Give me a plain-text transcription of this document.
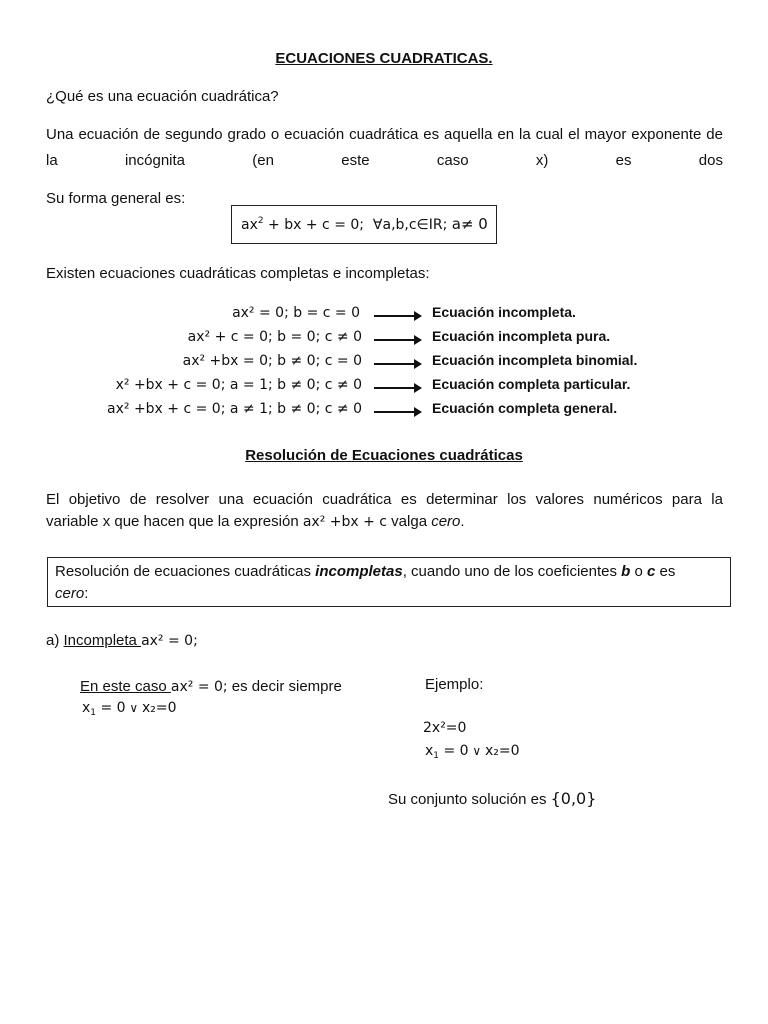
ECUACIONES CUADRATICAS.
¿Qué es una ecuación cuadrática?
Una ecuación de segundo grado o ecuación cuadrática es aquella en la cual el mayor exponente de la incógnita (en este caso x) es dos
Su forma general es:
$ax^2$ + bx + c = 0; ∀a,b,c∈IR; a≠ 0
Existen ecuaciones cuadráticas completas e incompletas:
ax² = 0; b = c = 0	Ecuación incompleta.
ax² + c = 0; b = 0; c ≠ 0	Ecuación incompleta pura.
ax² +bx = 0; b ≠ 0; c = 0	Ecuación incompleta binomial.
x² +bx + c = 0; a = 1; b ≠ 0; c ≠ 0	Ecuación completa particular.
ax² +bx + c = 0; a ≠ 1; b ≠ 0; c ≠ 0	Ecuación completa general.
Resolución de Ecuaciones cuadráticas
El objetivo de resolver una ecuación cuadrática es determinar los valores numéricos para la
variable x que hacen que la expresión ax² +bx + c valga cero.
Resolución de ecuaciones cuadráticas incompletas, cuando uno de los coeficientes b o c es
cero:
a) Incompleta ax² = 0;
En este caso ax² = 0; es decir siempre
$x_1 = 0$ ∨ x₂=0
Ejemplo:
2x²=0
$x_1 = 0$ ∨ x₂=0
Su conjunto solución es {0,0}
